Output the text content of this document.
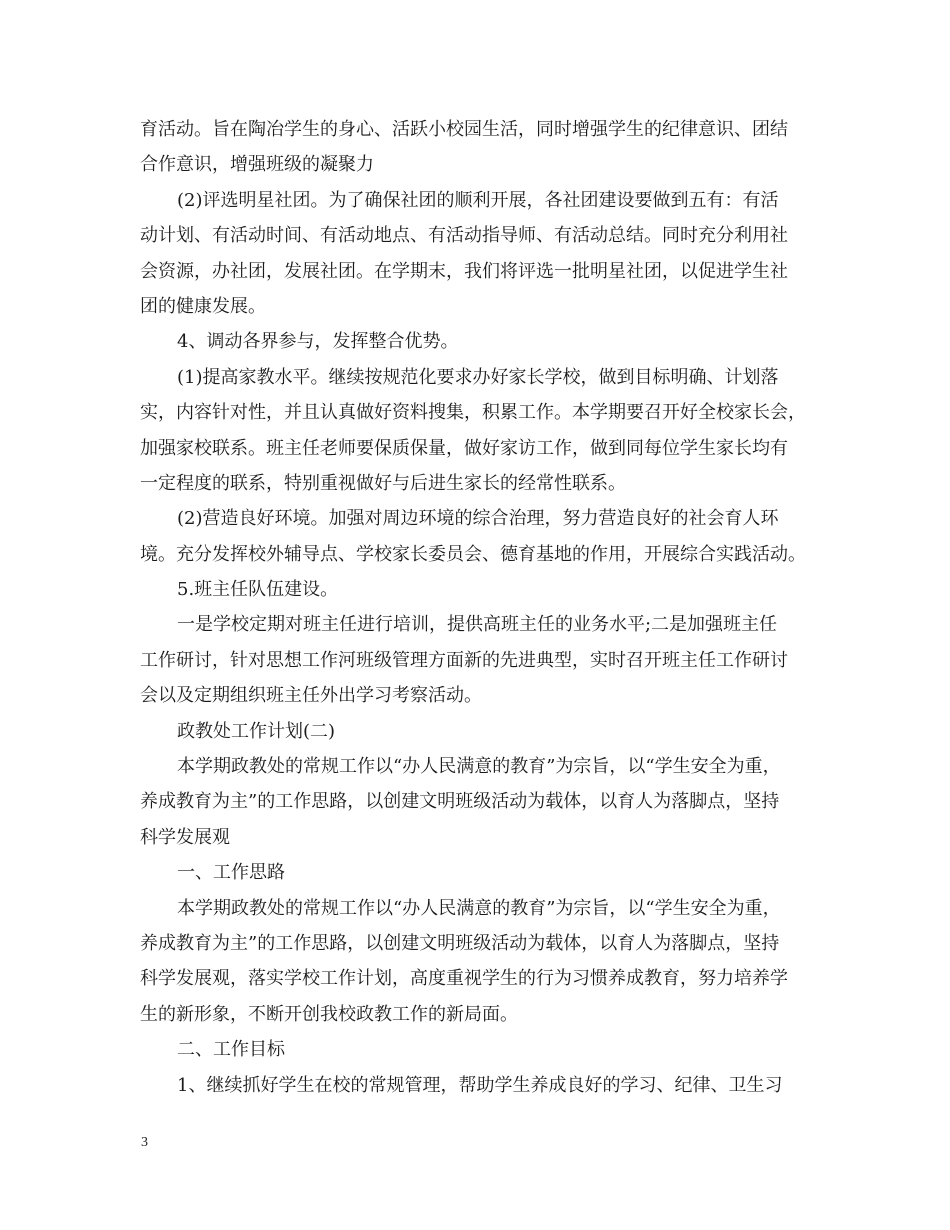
育活动。旨在陶冶学生的身心、活跃小校园生活，同时增强学生的纪律意识、团结
合作意识，增强班级的凝聚力
(2)评选明星社团。为了确保社团的顺利开展，各社团建设要做到五有：有活
动计划、有活动时间、有活动地点、有活动指导师、有活动总结。同时充分利用社
会资源，办社团，发展社团。在学期末，我们将评选一批明星社团，以促进学生社
团的健康发展。
4、调动各界参与，发挥整合优势。
(1)提高家教水平。继续按规范化要求办好家长学校，做到目标明确、计划落
实，内容针对性，并且认真做好资料搜集，积累工作。本学期要召开好全校家长会，
加强家校联系。班主任老师要保质保量，做好家访工作，做到同每位学生家长均有
一定程度的联系，特别重视做好与后进生家长的经常性联系。
(2)营造良好环境。加强对周边环境的综合治理，努力营造良好的社会育人环
境。充分发挥校外辅导点、学校家长委员会、德育基地的作用，开展综合实践活动。
5.班主任队伍建设。
一是学校定期对班主任进行培训，提供高班主任的业务水平;二是加强班主任
工作研讨，针对思想工作河班级管理方面新的先进典型，实时召开班主任工作研讨
会以及定期组织班主任外出学习考察活动。
政教处工作计划(二)
本学期政教处的常规工作以“办人民满意的教育”为宗旨，以“学生安全为重，
养成教育为主”的工作思路，以创建文明班级活动为载体，以育人为落脚点，坚持
科学发展观
一、工作思路
本学期政教处的常规工作以“办人民满意的教育”为宗旨，以“学生安全为重，
养成教育为主”的工作思路，以创建文明班级活动为载体，以育人为落脚点，坚持
科学发展观，落实学校工作计划，高度重视学生的行为习惯养成教育，努力培养学
生的新形象，不断开创我校政教工作的新局面。
二、工作目标
1、继续抓好学生在校的常规管理，帮助学生养成良好的学习、纪律、卫生习
3
